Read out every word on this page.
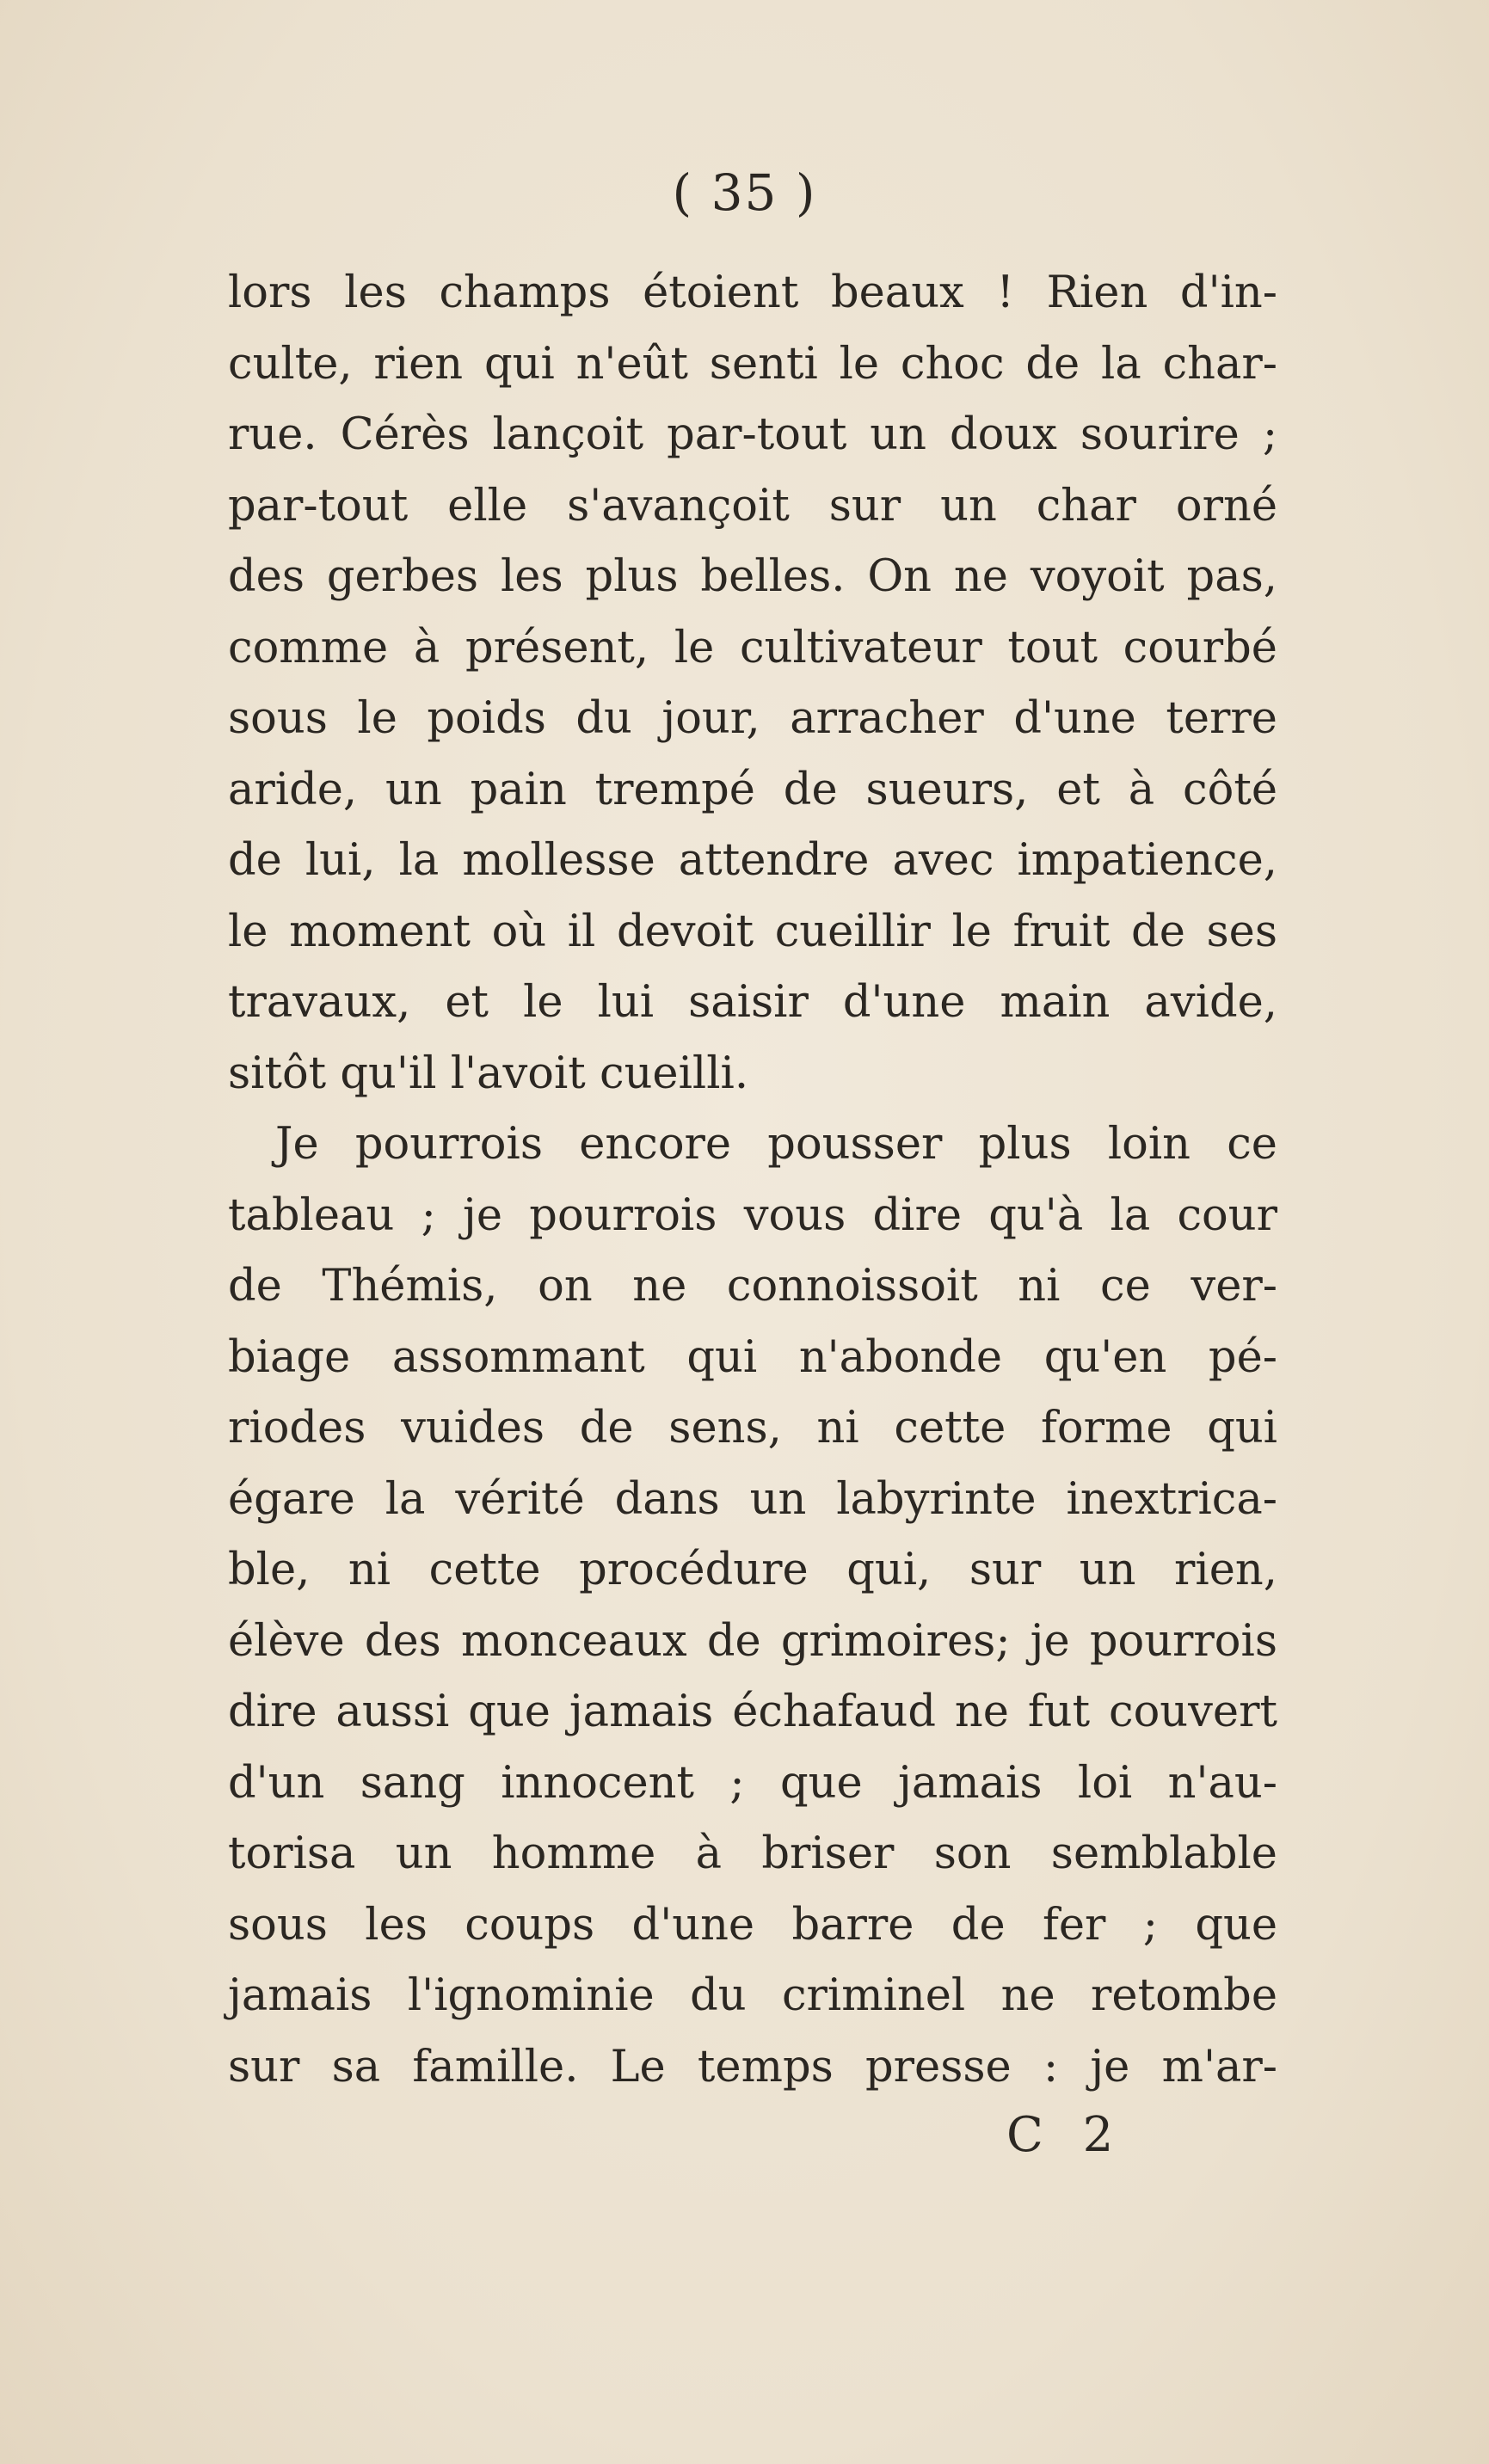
( 35 )
lors les champs étoient beaux ! Rien d'in-
culte, rien qui n'eût senti le choc de la char-
rue. Cérès lançoit par-tout un doux sourire ;
par-tout elle s'avançoit sur un char orné
des gerbes les plus belles. On ne voyoit pas,
comme à présent, le cultivateur tout courbé
sous le poids du jour, arracher d'une terre
aride, un pain trempé de sueurs, et à côté
de lui, la mollesse attendre avec impatience,
le moment où il devoit cueillir le fruit de ses
travaux, et le lui saisir d'une main avide,
sitôt qu'il l'avoit cueilli.
Je pourrois encore pousser plus loin ce
tableau ; je pourrois vous dire qu'à la cour
de Thémis, on ne connoissoit ni ce ver-
biage assommant qui n'abonde qu'en pé-
riodes vuides de sens, ni cette forme qui
égare la vérité dans un labyrinte inextrica-
ble, ni cette procédure qui, sur un rien,
élève des monceaux de grimoires; je pourrois
dire aussi que jamais échafaud ne fut couvert
d'un sang innocent ; que jamais loi n'au-
torisa un homme à briser son semblable
sous les coups d'une barre de fer ; que
jamais l'ignominie du criminel ne retombe
sur sa famille. Le temps presse : je m'ar-
C 2
